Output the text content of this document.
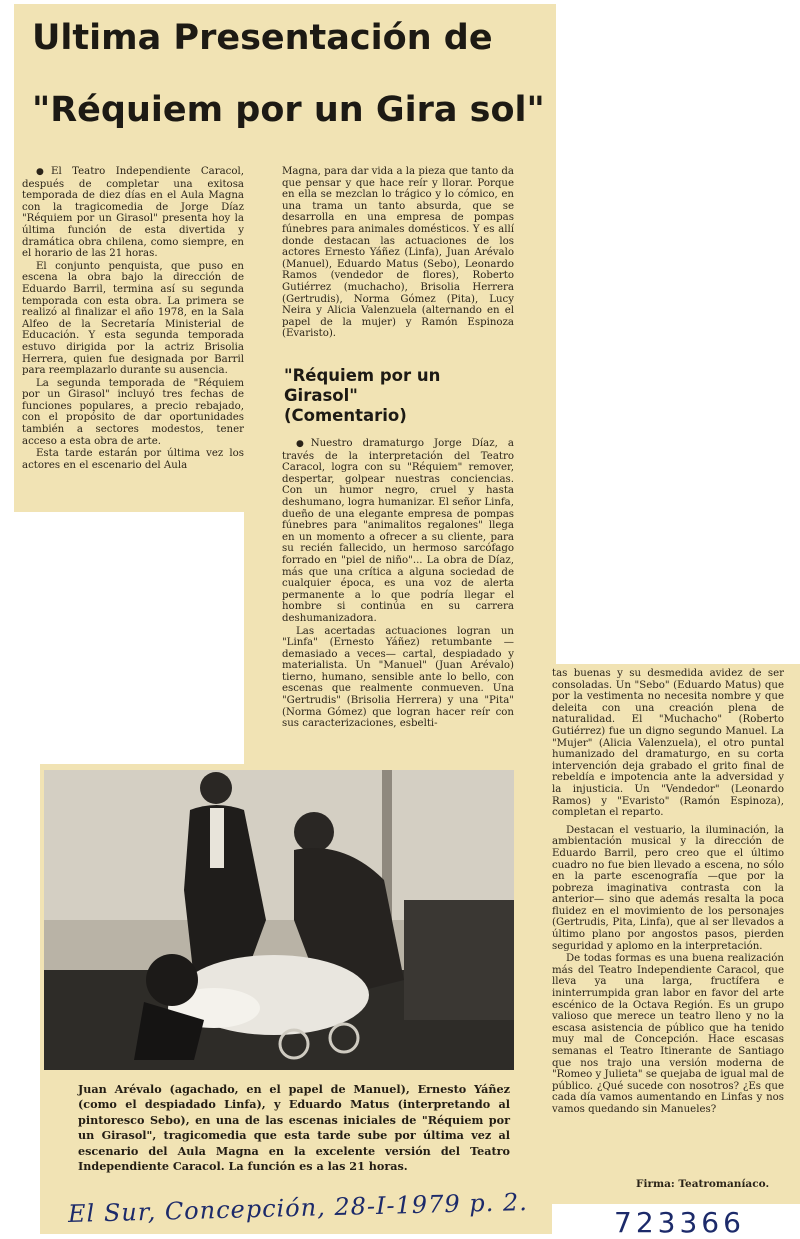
Ultima Presentación de
"Réquiem por un Gira sol"

● El Teatro Independiente Caracol, después de completar una exitosa temporada de diez días en el Aula Magna con la tragicomedia de Jorge Díaz "Réquiem por un Girasol" presenta hoy la última función de esta divertida y dramática obra chilena, como siempre, en el horario de las 21 horas.

El conjunto penquista, que puso en escena la obra bajo la dirección de Eduardo Barril, termina así su segunda temporada con esta obra. La primera se realizó al finalizar el año 1978, en la Sala Alfeo de la Secretaría Ministerial de Educación. Y esta segunda temporada estuvo dirigida por la actriz Brisolia Herrera, quien fue designada por Barril para reemplazarlo durante su ausencia.

La segunda temporada de "Réquiem por un Girasol" incluyó tres fechas de funciones populares, a precio rebajado, con el propósito de dar oportunidades también a sectores modestos, tener acceso a esta obra de arte.

Esta tarde estarán por última vez los actores en el escenario del Aula

Magna, para dar vida a la pieza que tanto da que pensar y que hace reír y llorar. Porque en ella se mezclan lo trágico y lo cómico, en una trama un tanto absurda, que se desarrolla en una empresa de pompas fúnebres para animales domésticos. Y es allí donde destacan las actuaciones de los actores Ernesto Yáñez (Linfa), Juan Arévalo (Manuel), Eduardo Matus (Sebo), Leonardo Ramos (vendedor de flores), Roberto Gutiérrez (muchacho), Brisolia Herrera (Gertrudis), Norma Gómez (Pita), Lucy Neira y Alicia Valenzuela (alternando en el papel de la mujer) y Ramón Espinoza (Evaristo).

"Réquiem por un
Girasol"
(Comentario)

● Nuestro dramaturgo Jorge Díaz, a través de la interpretación del Teatro Caracol, logra con su "Réquiem" remover, despertar, golpear nuestras conciencias. Con un humor negro, cruel y hasta deshumano, logra humanizar. El señor Linfa, dueño de una elegante empresa de pompas fúnebres para "animalitos regalones" llega en un momento a ofrecer a su cliente, para su recién fallecido, un hermoso sarcófago forrado en "piel de niño"... La obra de Díaz, más que una crítica a alguna sociedad de cualquier época, es una voz de alerta permanente a lo que podría llegar el hombre si continúa en su carrera deshumanizadora.

Las acertadas actuaciones logran un "Linfa" (Ernesto Yáñez) retumbante —demasiado a veces— cartal, despiadado y materialista. Un "Manuel" (Juan Arévalo) tierno, humano, sensible ante lo bello, con escenas que realmente conmueven. Una "Gertrudis" (Brisolia Herrera) y una "Pita" (Norma Gómez) que logran hacer reír con sus caracterizaciones, esbelti-

tas buenas y su desmedida avidez de ser consoladas. Un "Sebo" (Eduardo Matus) que por la vestimenta no necesita nombre y que deleita con una creación plena de naturalidad. El "Muchacho" (Roberto Gutiérrez) fue un digno segundo Manuel. La "Mujer" (Alicia Valenzuela), el otro puntal humanizado del dramaturgo, en su corta intervención deja grabado el grito final de rebeldía e impotencia ante la adversidad y la injusticia. Un "Vendedor" (Leonardo Ramos) y "Evaristo" (Ramón Espinoza), completan el reparto.

Destacan el vestuario, la iluminación, la ambientación musical y la dirección de Eduardo Barril, pero creo que el último cuadro no fue bien llevado a escena, no sólo en la parte escenografía —que por la pobreza imaginativa contrasta con la anterior— sino que además resalta la poca fluidez en el movimiento de los personajes (Gertrudis, Pita, Linfa), que al ser llevados a último plano por angostos pasos, pierden seguridad y aplomo en la interpretación.

De todas formas es una buena realización más del Teatro Independiente Caracol, que lleva ya una larga, fructífera e ininterrumpida gran labor en favor del arte escénico de la Octava Región. Es un grupo valioso que merece un teatro lleno y no la escasa asistencia de público que ha tenido muy mal de Concepción. Hace escasas semanas el Teatro Itinerante de Santiago que nos trajo una versión moderna de "Romeo y Julieta" se quejaba de igual mal de público. ¿Qué sucede con nosotros? ¿Es que cada día vamos aumentando en Linfas y nos vamos quedando sin Manueles?

Firma: Teatromaníaco.
Juan Arévalo (agachado, en el papel de Manuel), Ernesto Yáñez (como el despiadado Linfa), y Eduardo Matus (interpretando al pintoresco Sebo), en una de las escenas iniciales de "Réquiem por un Girasol", tragicomedia que esta tarde sube por última vez al escenario del Aula Magna en la excelente versión del Teatro Independiente Caracol. La función es a las 21 horas.
El Sur, Concepción, 28-I-1979 p. 2.	723366
